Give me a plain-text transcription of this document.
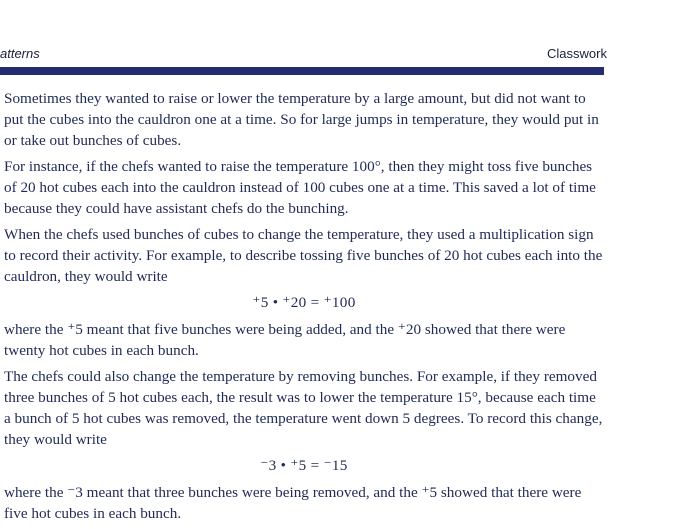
atterns	Classwork

Sometimes they wanted to raise or lower the temperature by a large amount, but did not want to put the cubes into the cauldron one at a time. So for large jumps in temperature, they would put in or take out bunches of cubes.

For instance, if the chefs wanted to raise the temperature 100°, then they might toss five bunches of 20 hot cubes each into the cauldron instead of 100 cubes one at a time. This saved a lot of time because they could have assistant chefs do the bunching.

When the chefs used bunches of cubes to change the temperature, they used a multiplication sign to record their activity. For example, to describe tossing five bunches of 20 hot cubes each into the cauldron, they would write

⁺5 • ⁺20 = ⁺100

where the ⁺5 meant that five bunches were being added, and the ⁺20 showed that there were twenty hot cubes in each bunch.

The chefs could also change the temperature by removing bunches. For example, if they removed three bunches of 5 hot cubes each, the result was to lower the temperature 15°, because each time a bunch of 5 hot cubes was removed, the temperature went down 5 degrees. To record this change, they would write

⁻3 • ⁺5 = ⁻15

where the ⁻3 meant that three bunches were being removed, and the ⁺5 showed that there were five hot cubes in each bunch.
